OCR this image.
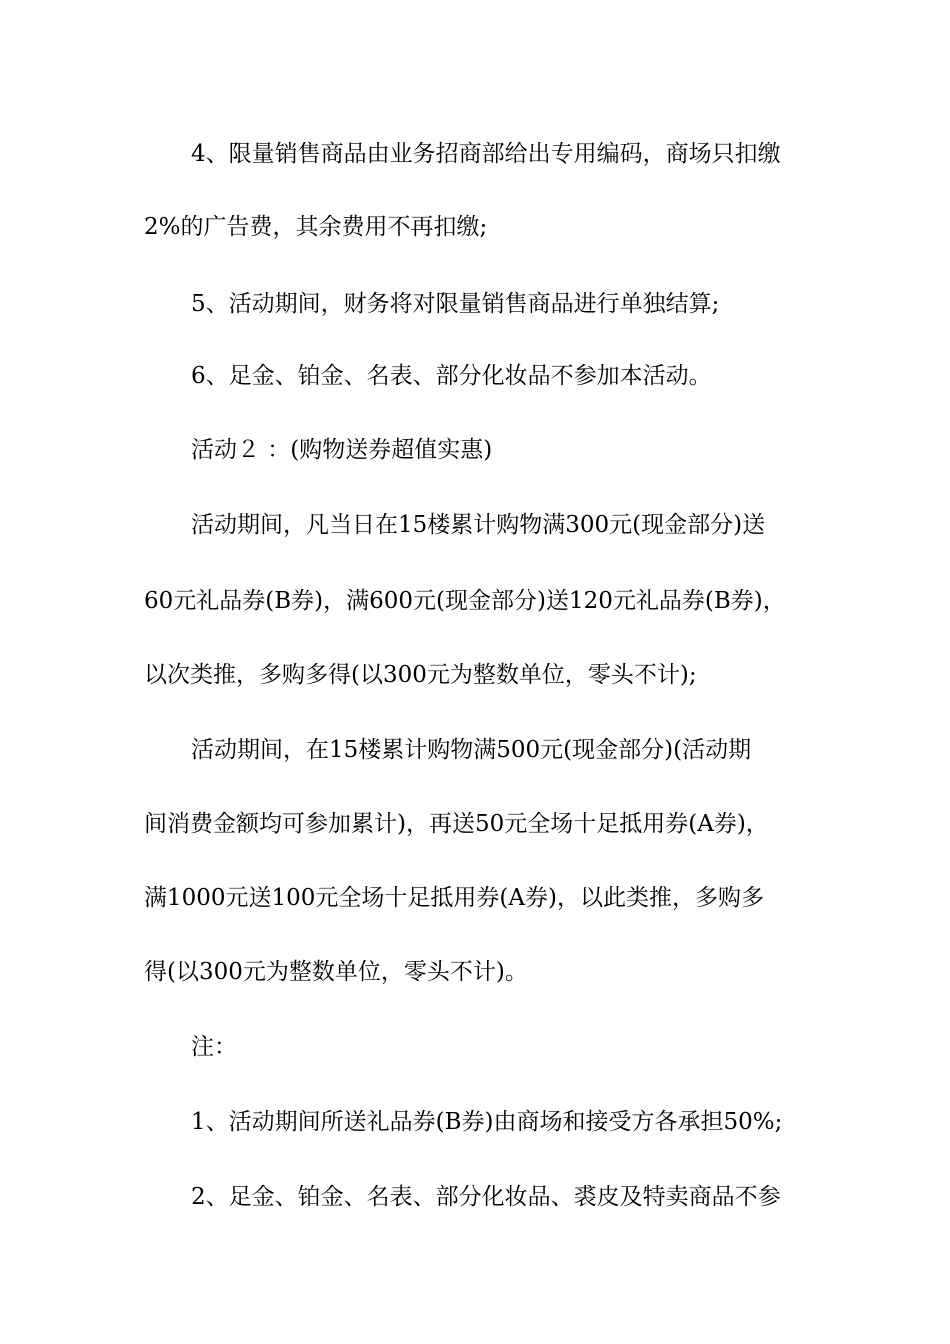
4、限量销售商品由业务招商部给出专用编码，商场只扣缴
2%的广告费，其余费用不再扣缴;
5、活动期间，财务将对限量销售商品进行单独结算;
6、足金、铂金、名表、部分化妆品不参加本活动。
活动２ ：(购物送券超值实惠)
活动期间，凡当日在15楼累计购物满300元(现金部分)送
60元礼品券(B券)，满600元(现金部分)送120元礼品券(B券)，
以次类推，多购多得(以300元为整数单位，零头不计);
活动期间，在15楼累计购物满500元(现金部分)(活动期
间消费金额均可参加累计)，再送50元全场十足抵用券(A券)，
满1000元送100元全场十足抵用券(A券)，以此类推，多购多
得(以300元为整数单位，零头不计)。
注：
1、活动期间所送礼品券(B券)由商场和接受方各承担50%;
2、足金、铂金、名表、部分化妆品、裘皮及特卖商品不参
